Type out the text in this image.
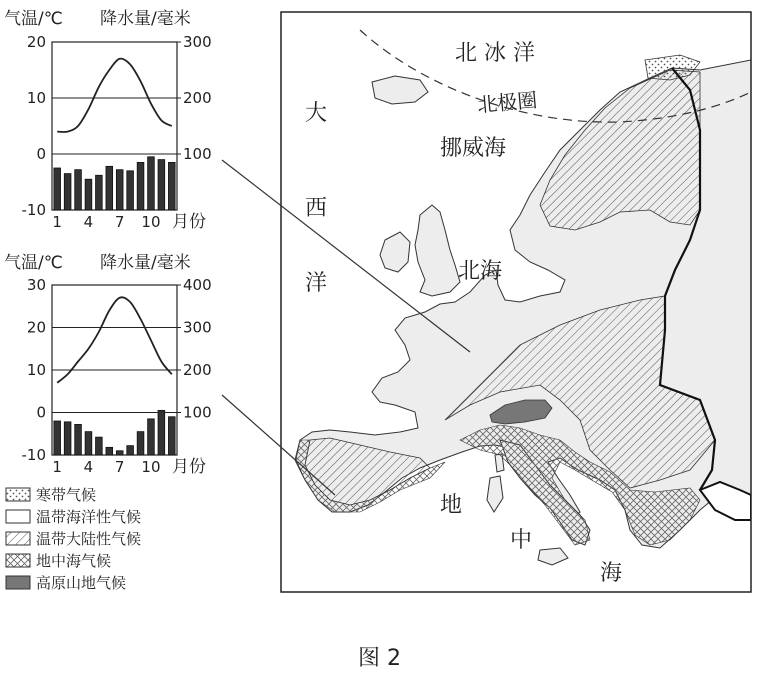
北 冰 洋
北极圈
挪威海
大
西
洋	北海
地
中
海
气温/℃ 降水量/毫米
20
10
0
-10
300
200
100
1 4 7 10 月份
气温/℃ 降水量/毫米
30
20
10
0
-10
400
300
200
100
1 4 7 10 月份
寒带气候
温带海洋性气候
温带大陆性气候
地中海气候
高原山地气候
图 2
